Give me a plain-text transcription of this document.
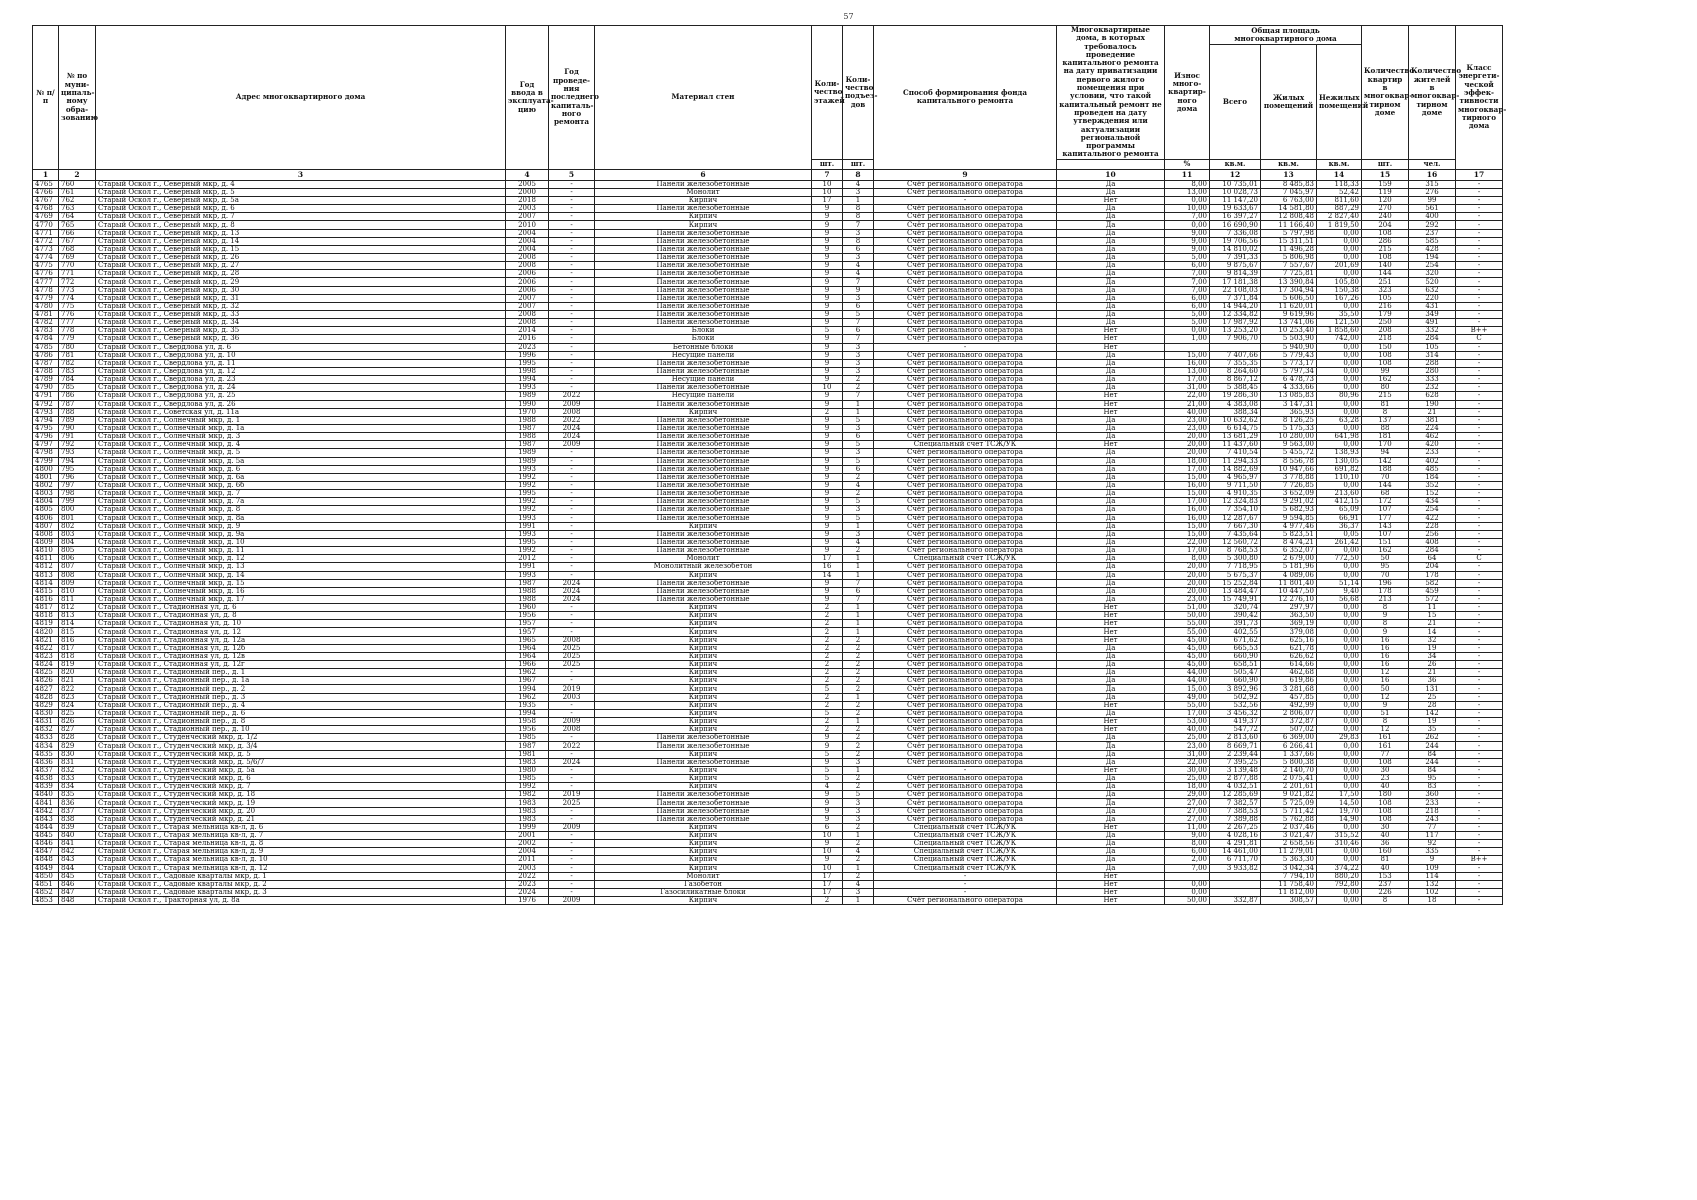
57
№ п/п	№ по муни-ципаль-ному обра-зованию	Адрес многоквартирного дома	Год ввода в эксплуата-цию	Год проведе-ния последнего капиталь-ного ремонта	Материал стен	Коли-чество этажей	Коли-чество подъез-дов	Способ формирования фонда капитального ремонта	Многоквартирные дома, в которых требовалось проведение капитального ремонта на дату приватизации первого жилого помещения при условии, что такой капитальный ремонт не проведен на дату утверждения или актуализации региональной программы капитального ремонта	Износ много-квартир-ного дома	Общая площадь многоквартирного дома			Количество квартир в многоквар-тирном доме	Количество жителей в многоквар-тирном доме	Класс энергети-ческой эффек-тивности многоквар-тирного дома
											Всего	Жилых помещений	Нежилых помещений			
						шт.	шт.			%	кв.м.	кв.м.	кв.м.	шт.	чел.	
1	2	3	4	5	6	7	8	9	10	11	12	13	14	15	16	17
4765	760	Старый Оскол г., Северный мкр, д. 4	2005	-	Панели железобетонные	10	4	Счёт регионального оператора	Да	8,00	10 735,01	8 485,83	118,33	159	315	-
4766	761	Старый Оскол г., Северный мкр, д. 5	2000	-	Монолит	10	3	Счёт регионального оператора	Да	13,00	10 028,73	7 045,97	52,42	119	276	-
4767	762	Старый Оскол г., Северный мкр, д. 5а	2018	-	Кирпич	17	1	-	Нет	0,00	11 147,20	6 763,00	811,60	120	99	-
4768	763	Старый Оскол г., Северный мкр, д. 6	2003	-	Панели железобетонные	9	8	Счёт регионального оператора	Да	10,00	19 633,67	14 581,80	887,29	270	561	-
4769	764	Старый Оскол г., Северный мкр, д. 7	2007	-	Кирпич	9	8	Счёт регионального оператора	Да	7,00	16 397,27	12 808,48	2 827,40	240	400	-
4770	765	Старый Оскол г., Северный мкр, д. 8	2010	-	Кирпич	9	7	Счёт регионального оператора	Да	0,00	16 690,90	11 166,40	1 819,50	204	292	-
4771	766	Старый Оскол г., Северный мкр, д. 13	2004	-	Панели железобетонные	9	3	Счёт регионального оператора	Да	9,00	7 336,08	5 797,98	0,00	108	237	-
4772	767	Старый Оскол г., Северный мкр, д. 14	2004	-	Панели железобетонные	9	8	Счёт регионального оператора	Да	9,00	19 706,56	15 311,51	0,00	286	585	-
4773	768	Старый Оскол г., Северный мкр, д. 15	2004	-	Панели железобетонные	9	6	Счёт регионального оператора	Да	9,00	14 810,02	11 496,28	0,00	215	428	-
4774	769	Старый Оскол г., Северный мкр, д. 26	2008	-	Панели железобетонные	9	3	Счёт регионального оператора	Да	5,00	7 391,33	5 806,98	0,00	108	194	-
4775	770	Старый Оскол г., Северный мкр, д. 27	2008	-	Панели железобетонные	9	4	Счёт регионального оператора	Да	6,00	9 875,67	7 557,67	201,69	140	254	-
4776	771	Старый Оскол г., Северный мкр, д. 28	2006	-	Панели железобетонные	9	4	Счёт регионального оператора	Да	7,00	9 814,39	7 725,81	0,00	144	320	-
4777	772	Старый Оскол г., Северный мкр, д. 29	2006	-	Панели железобетонные	9	7	Счёт регионального оператора	Да	7,00	17 181,38	13 390,84	105,80	251	520	-
4778	773	Старый Оскол г., Северный мкр, д. 30	2006	-	Панели железобетонные	9	9	Счёт регионального оператора	Да	7,00	22 108,03	17 304,94	150,38	323	632	-
4779	774	Старый Оскол г., Северный мкр, д. 31	2007	-	Панели железобетонные	9	3	Счёт регионального оператора	Да	6,00	7 371,84	5 606,50	167,26	105	220	-
4780	775	Старый Оскол г., Северный мкр, д. 32	2007	-	Панели железобетонные	9	6	Счёт регионального оператора	Да	6,00	14 944,20	11 620,01	0,00	216	431	-
4781	776	Старый Оскол г., Северный мкр, д. 33	2008	-	Панели железобетонные	9	5	Счёт регионального оператора	Да	5,00	12 334,82	9 619,96	35,50	179	349	-
4782	777	Старый Оскол г., Северный мкр, д. 34	2008	-	Панели железобетонные	9	7	Счёт регионального оператора	Да	5,00	17 987,92	13 741,06	121,50	250	491	-
4783	778	Старый Оскол г., Северный мкр, д. 35	2014	-	Блоки	5	6	Счёт регионального оператора	Нет	0,00	13 253,20	10 253,40	1 858,60	208	332	В++
4784	779	Старый Оскол г., Северный мкр, д. 36	2016	-	Блоки	9	7	Счёт регионального оператора	Нет	1,00	7 906,70	5 503,90	742,00	218	284	С
4785	780	Старый Оскол г., Свердлова ул, д. 6	2023	-	Бетонные блоки	9	3	-	Нет			5 940,90	0,00	150	105	-
4786	781	Старый Оскол г., Свердлова ул, д. 10	1996	-	Несущие панели	9	3	Счёт регионального оператора	Да	15,00	7 407,66	5 779,43	0,00	108	314	-
4787	782	Старый Оскол г., Свердлова ул, д. 11	1995	-	Панели железобетонные	9	3	Счёт регионального оператора	Да	16,00	7 355,35	5 773,17	0,00	108	288	-
4788	783	Старый Оскол г., Свердлова ул, д. 12	1998	-	Панели железобетонные	9	3	Счёт регионального оператора	Да	13,00	8 264,60	5 797,34	0,00	99	280	-
4789	784	Старый Оскол г., Свердлова ул, д. 23	1994	-	Несущие панели	9	2	Счёт регионального оператора	Да	17,00	8 867,12	6 478,73	0,00	162	333	-
4790	785	Старый Оскол г., Свердлова ул, д. 24	1993	-	Панели железобетонные	10	2	Счёт регионального оператора	Да	31,00	5 388,45	4 333,66	0,00	80	232	-
4791	786	Старый Оскол г., Свердлова ул, д. 25	1989	2022	Несущие панели	9	7	Счёт регионального оператора	Нет	22,00	19 286,30	13 085,83	80,96	215	628	-
4792	787	Старый Оскол г., Свердлова ул, д. 26	1990	2009	Панели железобетонные	9	1	Счёт регионального оператора	Нет	21,00	4 383,08	3 147,31	0,00	81	190	-
4793	788	Старый Оскол г., Советская ул, д. 11а	1970	2008	Кирпич	2	1	Счёт регионального оператора	Нет	40,00	388,34	365,93	0,00	8	21	-
4794	789	Старый Оскол г., Солнечный мкр, д. 1	1988	2022	Панели железобетонные	9	5	Счёт регионального оператора	Да	23,00	10 632,62	8 126,25	63,28	137	381	-
4795	790	Старый Оскол г., Солнечный мкр, д. 1а	1987	2024	Панели железобетонные	9	3	Счёт регионального оператора	Да	23,00	6 614,75	5 175,33	0,00	88	224	-
4796	791	Старый Оскол г., Солнечный мкр, д. 3	1988	2024	Панели железобетонные	9	6	Счёт регионального оператора	Да	20,00	13 681,29	10 280,00	641,98	181	462	-
4797	792	Старый Оскол г., Солнечный мкр, д. 4	1987	2009	Панели железобетонные	9	5	Специальный счет ТСЖ/УК	Нет	20,00	11 437,60	9 563,00	0,00	170	420	-
4798	793	Старый Оскол г., Солнечный мкр, д. 5	1989	-	Панели железобетонные	9	3	Счёт регионального оператора	Да	20,00	7 410,54	5 455,72	138,93	94	233	-
4799	794	Старый Оскол г., Солнечный мкр, д. 5а	1989	-	Панели железобетонные	9	5	Счёт регионального оператора	Да	18,00	11 294,33	8 556,78	130,05	142	402	-
4800	795	Старый Оскол г., Солнечный мкр, д. 6	1993	-	Панели железобетонные	9	6	Счёт регионального оператора	Да	17,00	14 882,69	10 947,66	691,82	188	485	-
4801	796	Старый Оскол г., Солнечный мкр, д. 6а	1992	-	Панели железобетонные	9	2	Счёт регионального оператора	Да	15,00	4 965,97	3 778,88	110,10	70	184	-
4802	797	Старый Оскол г., Солнечный мкр, д. 6б	1992	-	Панели железобетонные	9	4	Счёт регионального оператора	Да	16,00	9 711,50	7 726,85	0,00	144	352	-
4803	798	Старый Оскол г., Солнечный мкр, д. 7	1995	-	Панели железобетонные	9	2	Счёт регионального оператора	Да	15,00	4 910,35	3 652,09	213,60	68	152	-
4804	799	Старый Оскол г., Солнечный мкр, д. 7а	1992	-	Панели железобетонные	9	5	Счёт регионального оператора	Да	17,00	12 324,83	9 291,02	412,15	172	434	-
4805	800	Старый Оскол г., Солнечный мкр, д. 8	1992	-	Панели железобетонные	9	3	Счёт регионального оператора	Да	16,00	7 354,10	5 682,93	65,09	107	254	-
4806	801	Старый Оскол г., Солнечный мкр, д. 8а	1993	-	Панели железобетонные	9	5	Счёт регионального оператора	Да	16,00	12 287,67	9 594,85	66,91	177	422	-
4807	802	Старый Оскол г., Солнечный мкр, д. 9	1991	-	Кирпич	9	1	Счёт регионального оператора	Да	15,00	7 667,30	4 977,46	36,37	143	228	-
4808	803	Старый Оскол г., Солнечный мкр, д. 9а	1993	-	Панели железобетонные	9	3	Счёт регионального оператора	Да	15,00	7 435,64	5 823,51	0,05	107	256	-
4809	804	Старый Оскол г., Солнечный мкр, д. 10	1995	-	Панели железобетонные	9	4	Счёт регионального оператора	Да	22,00	12 560,72	8 474,21	261,42	151	408	-
4810	805	Старый Оскол г., Солнечный мкр, д. 11	1992	-	Панели железобетонные	9	2	Счёт регионального оператора	Да	17,00	8 768,53	6 352,07	0,00	162	284	-
4811	806	Старый Оскол г., Солнечный мкр, д. 12	2012	-	Монолит	17	1	Специальный счет ТСЖ/УК	Да	8,00	5 300,80	2 679,00	772,50	50	64	С
4812	807	Старый Оскол г., Солнечный мкр, д. 13	1991	-	Монолитный железобетон	16	1	Счёт регионального оператора	Да	20,00	7 718,95	5 181,96	0,00	95	204	-
4813	808	Старый Оскол г., Солнечный мкр, д. 14	1993	-	Кирпич	14	1	Счёт регионального оператора	Да	20,00	5 675,37	4 089,06	0,00	70	178	-
4814	809	Старый Оскол г., Солнечный мкр, д. 15	1987	2024	Панели железобетонные	9	7	Счёт регионального оператора	Да	20,00	15 252,84	11 801,40	51,14	196	582	-
4815	810	Старый Оскол г., Солнечный мкр, д. 16	1988	2024	Панели железобетонные	9	6	Счёт регионального оператора	Да	20,00	13 484,47	10 447,50	9,40	178	459	-
4816	811	Старый Оскол г., Солнечный мкр, д. 17	1988	2024	Панели железобетонные	9	7	Счёт регионального оператора	Да	23,00	15 749,91	12 276,10	56,68	213	572	-
4817	812	Старый Оскол г., Стадионная ул, д. 6	1960	-	Кирпич	2	1	Счёт регионального оператора	Нет	51,00	320,74	297,97	0,00	8	11	-
4818	813	Старый Оскол г., Стадионная ул, д. 8	1956	-	Кирпич	2	1	Счёт регионального оператора	Нет	50,00	390,42	363,50	0,00	9	15	-
4819	814	Старый Оскол г., Стадионная ул, д. 10	1957	-	Кирпич	2	1	Счёт регионального оператора	Нет	55,00	391,73	369,19	0,00	8	21	-
4820	815	Старый Оскол г., Стадионная ул, д. 12	1957	-	Кирпич	2	1	Счёт регионального оператора	Нет	55,00	402,55	379,08	0,00	9	14	-
4821	816	Старый Оскол г., Стадионная ул, д. 12а	1965	2008	Кирпич	2	2	Счёт регионального оператора	Нет	45,00	671,62	625,16	0,00	16	32	-
4822	817	Старый Оскол г., Стадионная ул, д. 12б	1964	2025	Кирпич	2	2	Счёт регионального оператора	Да	45,00	665,53	621,78	0,00	16	19	-
4823	818	Старый Оскол г., Стадионная ул, д. 12в	1964	2025	Кирпич	2	2	Счёт регионального оператора	Да	45,00	660,90	626,62	0,00	16	34	-
4824	819	Старый Оскол г., Стадионная ул, д. 12г	1966	2025	Кирпич	2	2	Счёт регионального оператора	Да	45,00	658,51	614,66	0,00	16	26	-
4825	820	Старый Оскол г., Стадионный пер., д. 1	1962	-	Кирпич	2	2	Счёт регионального оператора	Да	44,00	505,47	462,68	0,00	12	21	-
4826	821	Старый Оскол г., Стадионный пер., д. 1а	1967	-	Кирпич	2	2	Счёт регионального оператора	Да	44,00	660,90	619,86	0,00	16	36	-
4827	822	Старый Оскол г., Стадионный пер., д. 2	1994	2019	Кирпич	5	2	Счёт регионального оператора	Да	15,00	3 892,96	3 281,68	0,00	50	131	-
4828	823	Старый Оскол г., Стадионный пер., д. 3	1962	2003	Кирпич	2	1	Счёт регионального оператора	Да	49,00	502,92	457,85	0,00	12	25	-
4829	824	Старый Оскол г., Стадионный пер., д. 4	1935	-	Кирпич	2	2	Счёт регионального оператора	Нет	55,00	532,56	492,99	0,00	9	28	-
4830	825	Старый Оскол г., Стадионный пер., д. 6	1994	-	Кирпич	5	2	Счёт регионального оператора	Да	17,00	3 456,32	2 806,07	0,00	51	142	-
4831	826	Старый Оскол г., Стадионный пер., д. 8	1958	2009	Кирпич	2	1	Счёт регионального оператора	Нет	53,00	419,37	372,87	0,00	8	19	-
4832	827	Старый Оскол г., Стадионный пер., д. 10	1956	2008	Кирпич	2	2	Счёт регионального оператора	Нет	40,00	547,72	507,02	0,00	12	35	-
4833	828	Старый Оскол г., Студенческий мкр, д. 1/2	1985	-	Панели железобетонные	9	2	Счёт регионального оператора	Да	25,00	2 813,60	6 369,00	29,83	161	262	-
4834	829	Старый Оскол г., Студенческий мкр, д. 3/4	1987	2022	Панели железобетонные	9	2	Счёт регионального оператора	Да	23,00	8 669,71	6 266,41	0,00	161	244	-
4835	830	Старый Оскол г., Студенческий мкр, д. 5	1981	-	Кирпич	5	2	Счёт регионального оператора	Да	31,00	2 239,44	1 337,66	0,00	77	84	-
4836	831	Старый Оскол г., Студенческий мкр, д. 5/6/7	1983	2024	Панели железобетонные	9	3	Счёт регионального оператора	Да	22,00	7 395,25	5 800,38	0,00	108	244	-
4837	832	Старый Оскол г., Студенческий мкр, д. 5а	1980	-	Кирпич	5	1	-	Нет	30,00	3 139,48	2 140,70	0,00	30	84	-
4838	833	Старый Оскол г., Студенческий мкр, д. 6	1985	-	Кирпич	5	2	Счёт регионального оператора	Да	25,00	2 877,88	2 075,41	0,00	23	95	-
4839	834	Старый Оскол г., Студенческий мкр, д. 7	1992	-	Кирпич	4	2	Счёт регионального оператора	Да	18,00	4 032,51	2 201,61	0,00	40	83	-
4840	835	Старый Оскол г., Студенческий мкр, д. 18	1982	2019	Панели железобетонные	9	5	Счёт регионального оператора	Да	29,00	12 285,69	9 021,82	17,50	180	360	-
4841	836	Старый Оскол г., Студенческий мкр, д. 19	1983	2025	Панели железобетонные	9	3	Счёт регионального оператора	Да	27,00	7 382,57	5 725,09	14,50	108	233	-
4842	837	Старый Оскол г., Студенческий мкр, д. 20	1983	-	Панели железобетонные	9	3	Счёт регионального оператора	Да	27,00	7 388,53	5 711,42	19,70	108	218	-
4843	838	Старый Оскол г., Студенческий мкр, д. 21	1983	-	Панели железобетонные	9	3	Счёт регионального оператора	Да	27,00	7 389,88	5 762,88	14,90	108	243	-
4844	839	Старый Оскол г., Старая мельница кв-л, д. 6	1999	2009	Кирпич	6	2	Специальный счет ТСЖ/УК	Нет	11,00	2 267,25	2 037,46	0,00	30	77	-
4845	840	Старый Оскол г., Старая мельница кв-л, д. 7	2001	-	Кирпич	10	1	Специальный счет ТСЖ/УК	Да	9,00	4 028,16	3 021,47	315,52	40	117	-
4846	841	Старый Оскол г., Старая мельница кв-л, д. 8	2002	-	Кирпич	9	2	Специальный счет ТСЖ/УК	Да	8,00	4 291,81	2 658,56	310,46	36	92	-
4847	842	Старый Оскол г., Старая мельница кв-л, д. 9	2004	-	Кирпич	10	4	Специальный счет ТСЖ/УК	Да	6,00	14 461,00	11 279,01	0,00	160	335	-
4848	843	Старый Оскол г., Старая мельница кв-л, д. 10	2011	-	Кирпич	9	2	Специальный счет ТСЖ/УК	Да	2,00	6 711,70	5 363,30	0,00	81	9	В++
4849	844	Старый Оскол г., Старая мельница кв-л, д. 12	2003	-	Кирпич	10	1	Специальный счет ТСЖ/УК	Да	7,00	3 933,82	3 042,34	374,22	40	109	-
4850	845	Старый Оскол г., Садовые кварталы мкр, д. 1	2022	-	Монолит	17	2	-	Нет			7 794,10	880,20	153	114	-
4851	846	Старый Оскол г., Садовые кварталы мкр, д. 2	2023	-	Газобетон	17	4	-	Нет	0,00		11 758,40	792,80	237	132	-
4852	847	Старый Оскол г., Садовые кварталы мкр, д. 3	2024	-	Газосиликатные блоки	17	3	-	Нет	0,00		11 812,00	0,00	226	102	-
4853	848	Старый Оскол г., Тракторная ул, д. 8а	1976	2009	Кирпич	2	1	Счёт регионального оператора	Нет	50,00	332,87	308,57	0,00	8	18	-
